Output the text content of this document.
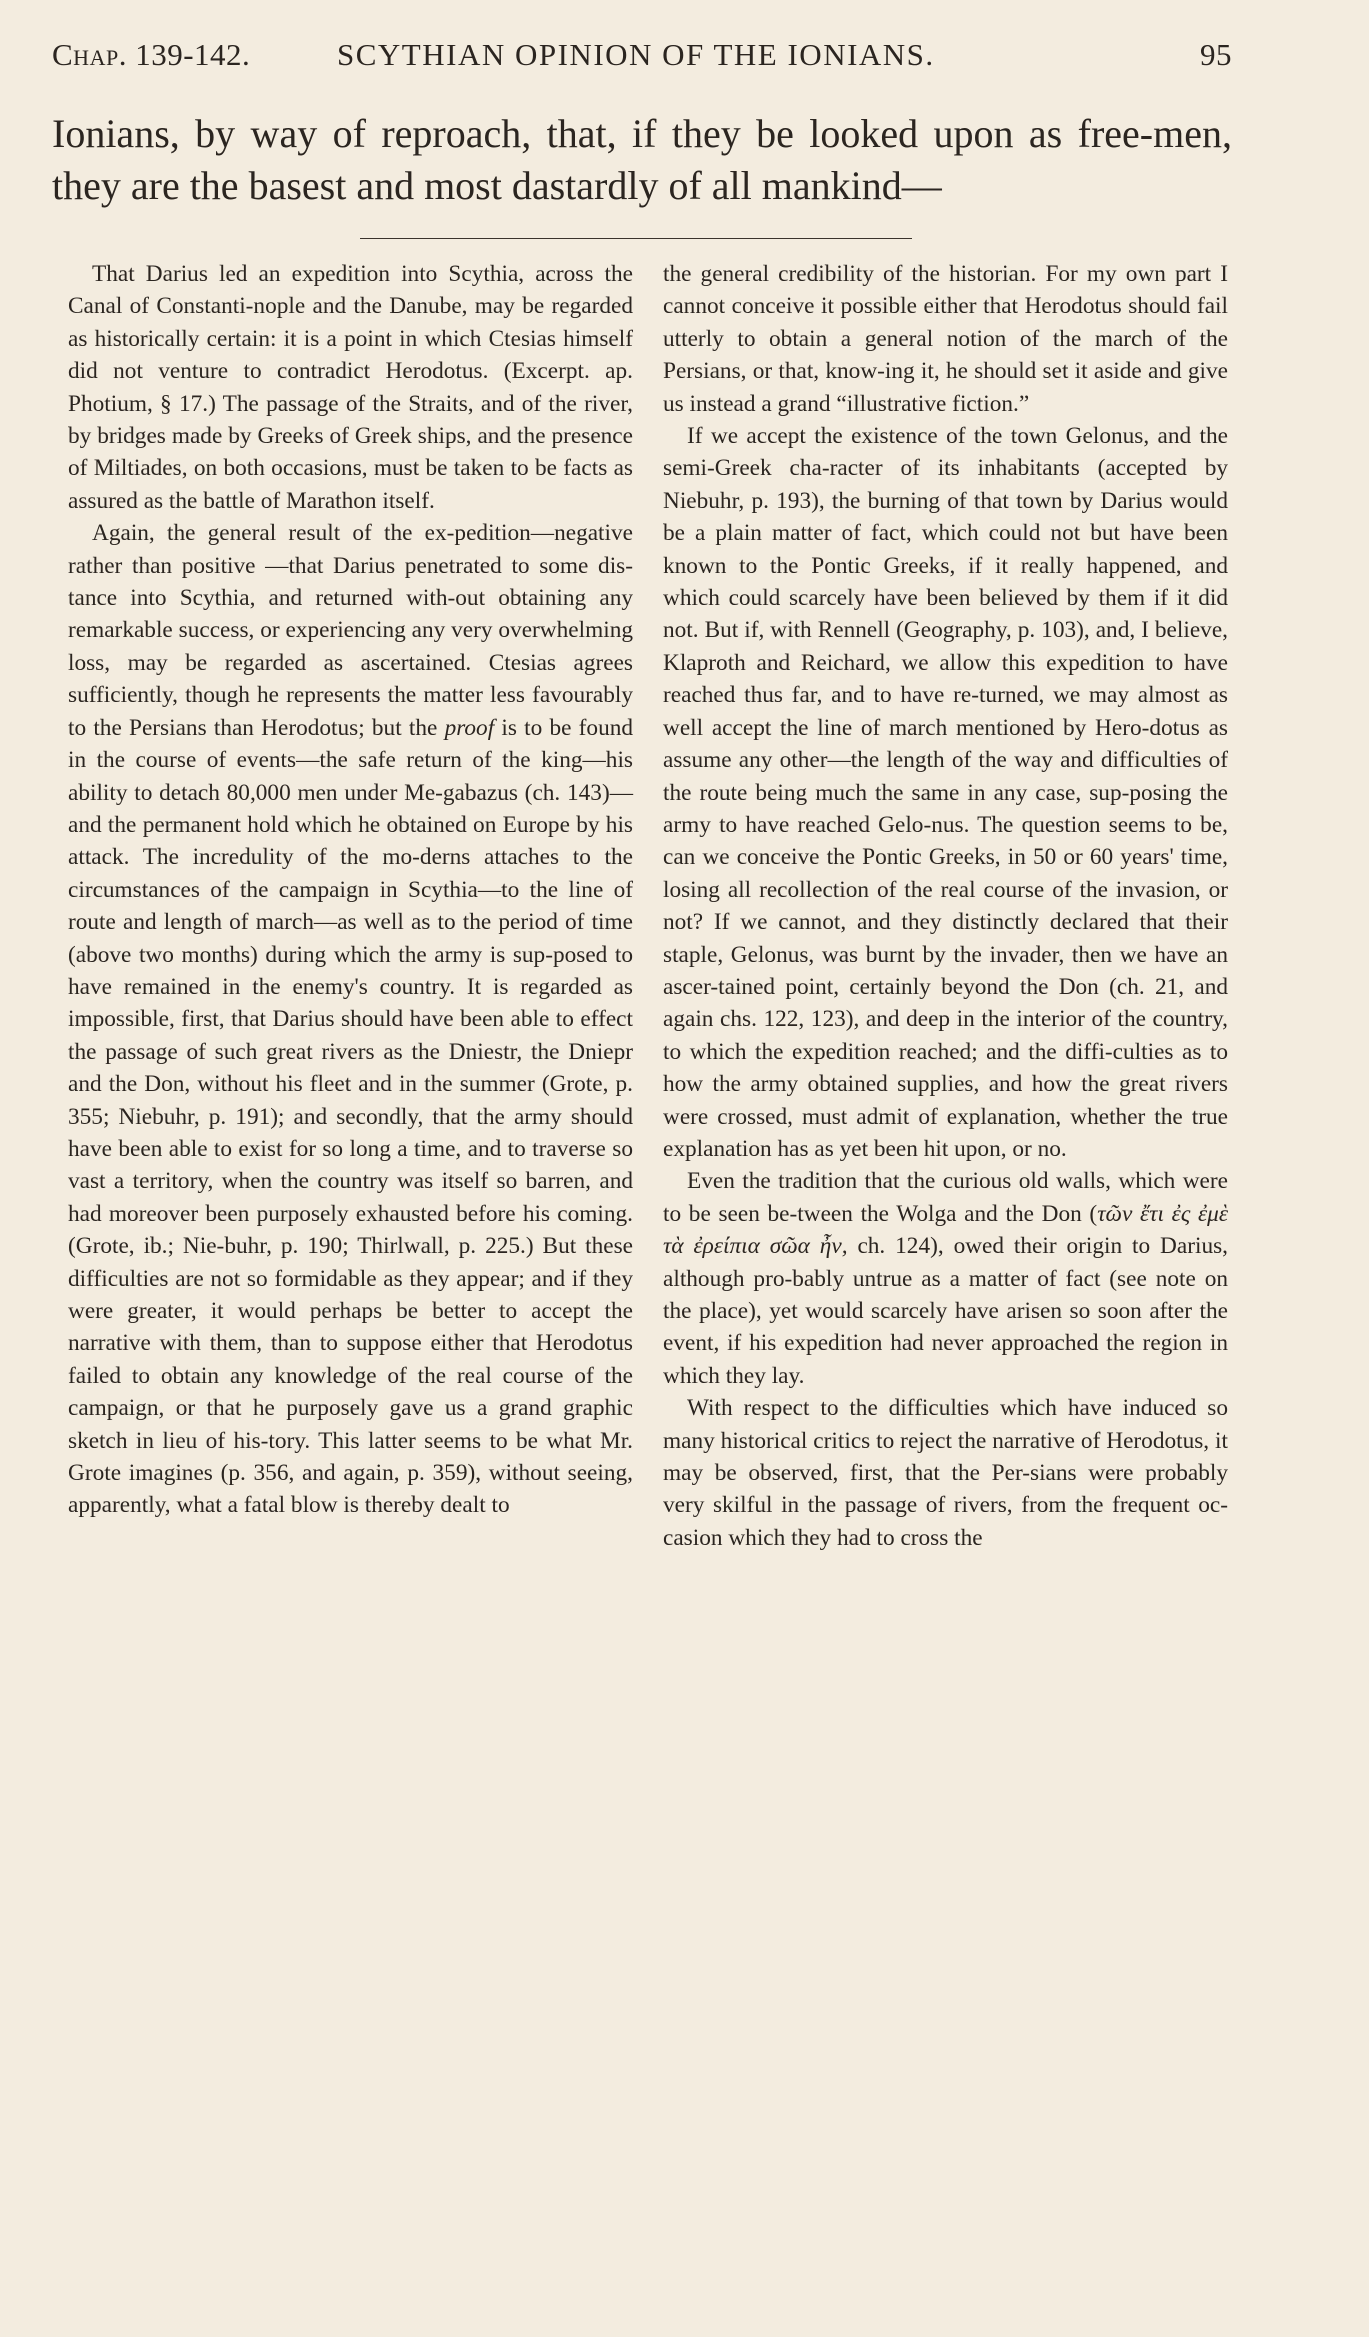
Chap. 139-142.	SCYTHIAN OPINION OF THE IONIANS.	95
Ionians, by way of reproach, that, if they be looked upon as free-men, they are the basest and most dastardly of all mankind—

That Darius led an expedition into Scythia, across the Canal of Constanti-nople and the Danube, may be regarded as historically certain: it is a point in which Ctesias himself did not venture to contradict Herodotus. (Excerpt. ap. Photium, § 17.) The passage of the Straits, and of the river, by bridges made by Greeks of Greek ships, and the presence of Miltiades, on both occasions, must be taken to be facts as assured as the battle of Marathon itself.

Again, the general result of the ex-pedition—negative rather than positive —that Darius penetrated to some dis-tance into Scythia, and returned with-out obtaining any remarkable success, or experiencing any very overwhelming loss, may be regarded as ascertained. Ctesias agrees sufficiently, though he represents the matter less favourably to the Persians than Herodotus; but the proof is to be found in the course of events—the safe return of the king—his ability to detach 80,000 men under Me-gabazus (ch. 143)—and the permanent hold which he obtained on Europe by his attack. The incredulity of the mo-derns attaches to the circumstances of the campaign in Scythia—to the line of route and length of march—as well as to the period of time (above two months) during which the army is sup-posed to have remained in the enemy's country. It is regarded as impossible, first, that Darius should have been able to effect the passage of such great rivers as the Dniestr, the Dniepr and the Don, without his fleet and in the summer (Grote, p. 355; Niebuhr, p. 191); and secondly, that the army should have been able to exist for so long a time, and to traverse so vast a territory, when the country was itself so barren, and had moreover been purposely exhausted before his coming. (Grote, ib.; Nie-buhr, p. 190; Thirlwall, p. 225.) But these difficulties are not so formidable as they appear; and if they were greater, it would perhaps be better to accept the narrative with them, than to suppose either that Herodotus failed to obtain any knowledge of the real course of the campaign, or that he purposely gave us a grand graphic sketch in lieu of his-tory. This latter seems to be what Mr. Grote imagines (p. 356, and again, p. 359), without seeing, apparently, what a fatal blow is thereby dealt to

the general credibility of the historian. For my own part I cannot conceive it possible either that Herodotus should fail utterly to obtain a general notion of the march of the Persians, or that, know-ing it, he should set it aside and give us instead a grand “illustrative fiction.”

If we accept the existence of the town Gelonus, and the semi-Greek cha-racter of its inhabitants (accepted by Niebuhr, p. 193), the burning of that town by Darius would be a plain matter of fact, which could not but have been known to the Pontic Greeks, if it really happened, and which could scarcely have been believed by them if it did not. But if, with Rennell (Geography, p. 103), and, I believe, Klaproth and Reichard, we allow this expedition to have reached thus far, and to have re-turned, we may almost as well accept the line of march mentioned by Hero-dotus as assume any other—the length of the way and difficulties of the route being much the same in any case, sup-posing the army to have reached Gelo-nus. The question seems to be, can we conceive the Pontic Greeks, in 50 or 60 years' time, losing all recollection of the real course of the invasion, or not? If we cannot, and they distinctly declared that their staple, Gelonus, was burnt by the invader, then we have an ascer-tained point, certainly beyond the Don (ch. 21, and again chs. 122, 123), and deep in the interior of the country, to which the expedition reached; and the diffi-culties as to how the army obtained supplies, and how the great rivers were crossed, must admit of explanation, whether the true explanation has as yet been hit upon, or no.

Even the tradition that the curious old walls, which were to be seen be-tween the Wolga and the Don (τῶν ἔτι ἐς ἐμὲ τὰ ἐρείπια σῶα ἦν, ch. 124), owed their origin to Darius, although pro-bably untrue as a matter of fact (see note on the place), yet would scarcely have arisen so soon after the event, if his expedition had never approached the region in which they lay.

With respect to the difficulties which have induced so many historical critics to reject the narrative of Herodotus, it may be observed, first, that the Per-sians were probably very skilful in the passage of rivers, from the frequent oc-casion which they had to cross the
